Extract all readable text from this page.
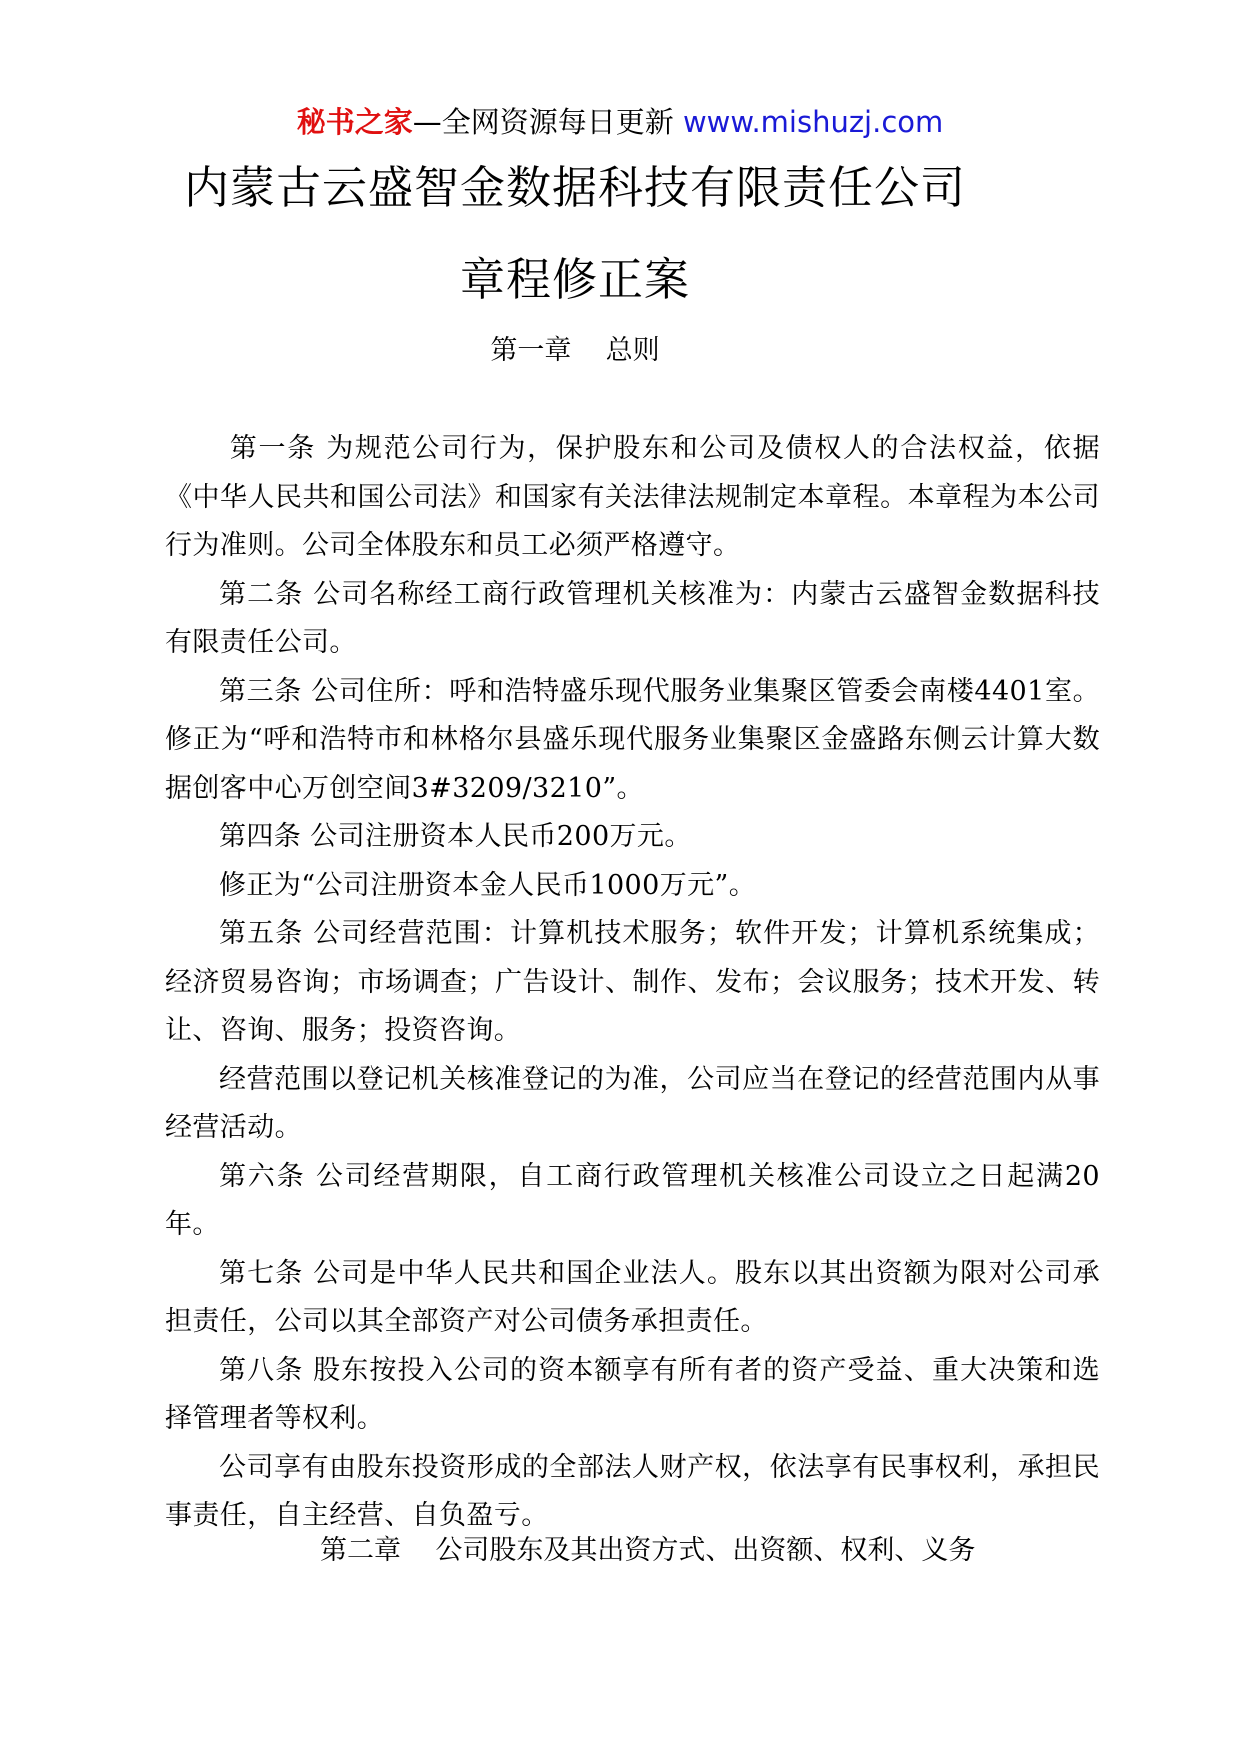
秘书之家—全网资源每日更新 www.mishuzj.com
内蒙古云盛智金数据科技有限责任公司
章程修正案
第一章    总则

第一条 为规范公司行为，保护股东和公司及债权人的合法权益，依据《中华人民共和国公司法》和国家有关法律法规制定本章程。本章程为本公司行为准则。公司全体股东和员工必须严格遵守。

第二条 公司名称经工商行政管理机关核准为：内蒙古云盛智金数据科技有限责任公司。

第三条 公司住所：呼和浩特盛乐现代服务业集聚区管委会南楼4401室。修正为“呼和浩特市和林格尔县盛乐现代服务业集聚区金盛路东侧云计算大数据创客中心万创空间3#3209/3210”。

第四条 公司注册资本人民币200万元。

修正为“公司注册资本金人民币1000万元”。

第五条 公司经营范围：计算机技术服务；软件开发；计算机系统集成；经济贸易咨询；市场调查；广告设计、制作、发布；会议服务；技术开发、转让、咨询、服务；投资咨询。

经营范围以登记机关核准登记的为准，公司应当在登记的经营范围内从事经营活动。

第六条 公司经营期限，自工商行政管理机关核准公司设立之日起满20年。

第七条 公司是中华人民共和国企业法人。股东以其出资额为限对公司承担责任，公司以其全部资产对公司债务承担责任。

第八条 股东按投入公司的资本额享有所有者的资产受益、重大决策和选择管理者等权利。

公司享有由股东投资形成的全部法人财产权，依法享有民事权利，承担民事责任，自主经营、自负盈亏。

第二章    公司股东及其出资方式、出资额、权利、义务
